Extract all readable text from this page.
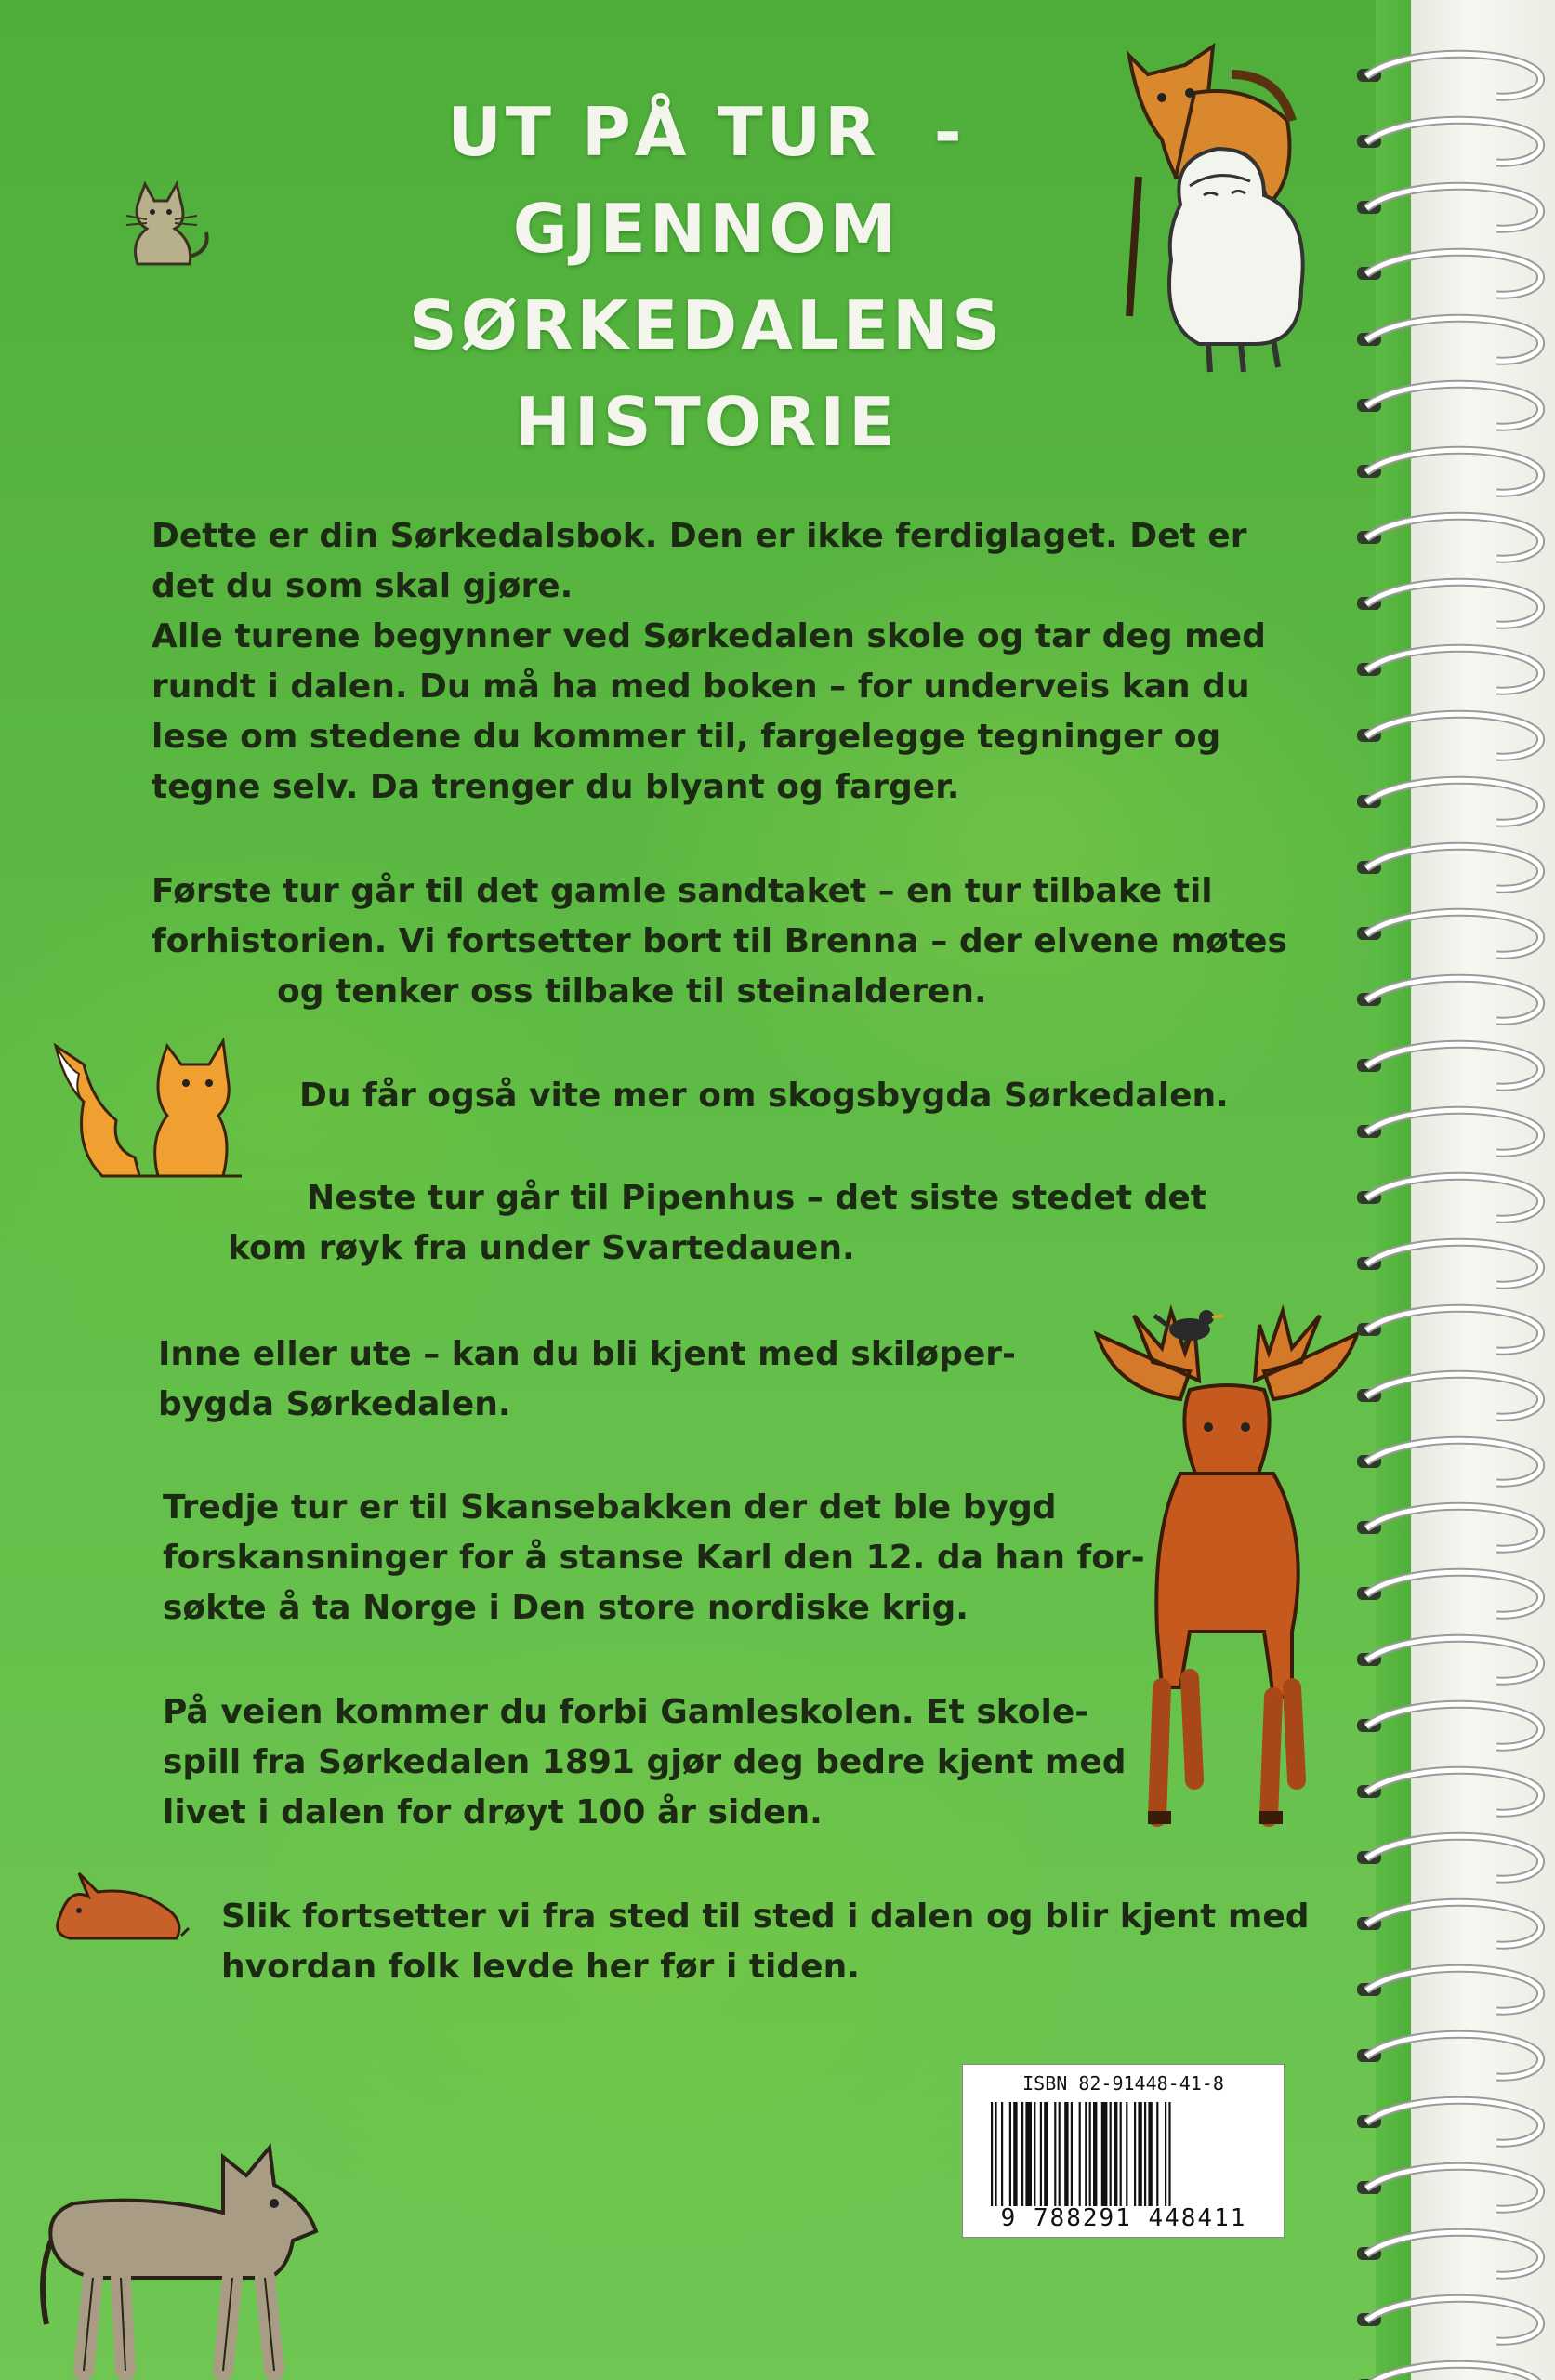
UT PÅ TUR  -
GJENNOM
SØRKEDALENS
HISTORIE
Dette er din Sørkedalsbok. Den er ikke ferdiglaget. Det er
det du som skal gjøre.
Alle turene begynner ved Sørkedalen skole og tar deg med
rundt i dalen. Du må ha med boken – for underveis kan du
lese om stedene du kommer til, fargelegge tegninger og
tegne selv. Da trenger du blyant og farger.
Første tur går til det gamle sandtaket – en tur tilbake til
forhistorien. Vi fortsetter bort til Brenna – der elvene møtes
og tenker oss tilbake til steinalderen.
Du får også vite mer om skogsbygda Sørkedalen.
Neste tur går til Pipenhus – det siste stedet det
kom røyk fra under Svartedauen.
Inne eller ute – kan du bli kjent med skiløper-
bygda Sørkedalen.
Tredje tur er til Skansebakken der det ble bygd
forskansninger for å stanse Karl den 12. da han for-
søkte å ta Norge i Den store nordiske krig.
På veien kommer du forbi Gamleskolen. Et skole-
spill fra Sørkedalen 1891 gjør deg bedre kjent med
livet i dalen for drøyt 100 år siden.
Slik fortsetter vi fra sted til sted i dalen og blir kjent med
hvordan folk levde her før i tiden.
ISBN 82-91448-41-8
9 788291 448411
